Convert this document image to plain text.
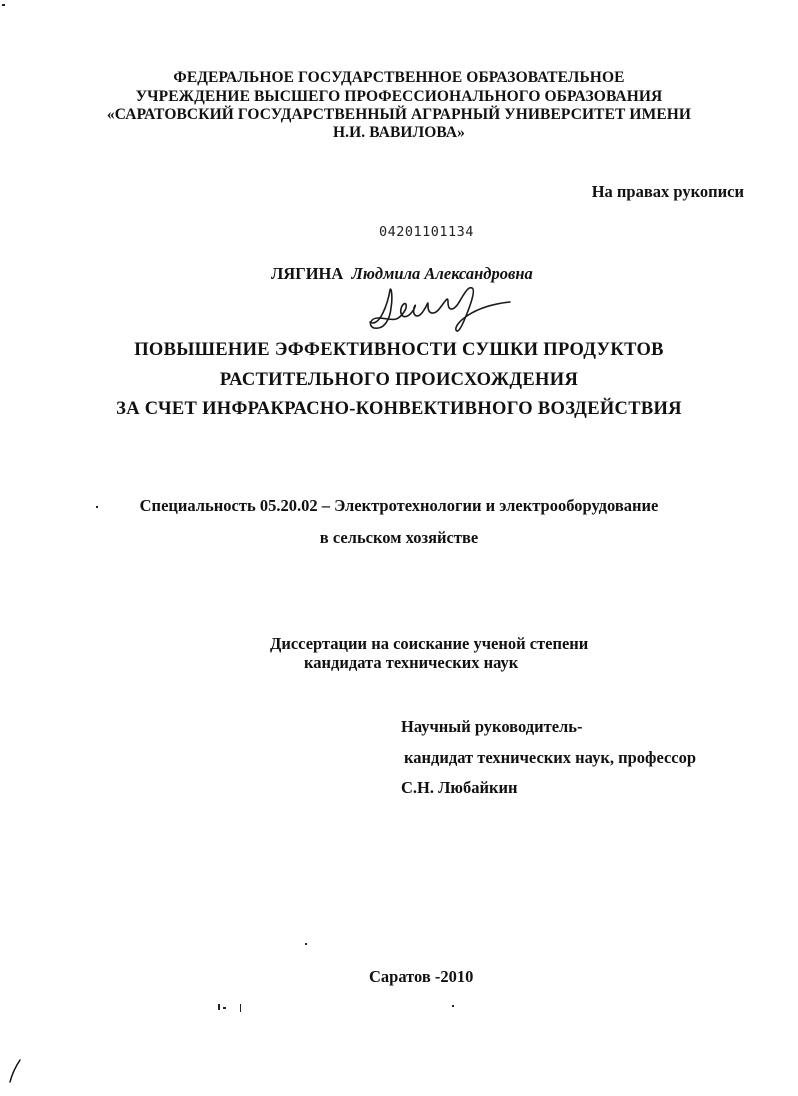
ФЕДЕРАЛЬНОЕ ГОСУДАРСТВЕННОЕ ОБРАЗОВАТЕЛЬНОЕ
УЧРЕЖДЕНИЕ ВЫСШЕГО ПРОФЕССИОНАЛЬНОГО ОБРАЗОВАНИЯ
«САРАТОВСКИЙ ГОСУДАРСТВЕННЫЙ АГРАРНЫЙ УНИВЕРСИТЕТ ИМЕНИ
Н.И. ВАВИЛОВА»
На правах рукописи
04201101134
ЛЯГИНА Людмила Александровна
ПОВЫШЕНИЕ ЭФФЕКТИВНОСТИ СУШКИ ПРОДУКТОВ
РАСТИТЕЛЬНОГО ПРОИСХОЖДЕНИЯ
ЗА СЧЕТ ИНФРАКРАСНО-КОНВЕКТИВНОГО ВОЗДЕЙСТВИЯ
Специальность 05.20.02 – Электротехнологии и электрооборудование
в сельском хозяйстве
Диссертации на соискание ученой степени
кандидата технических наук
Научный руководитель-
кандидат технических наук, профессор
С.Н. Любайкин
Саратов -2010
